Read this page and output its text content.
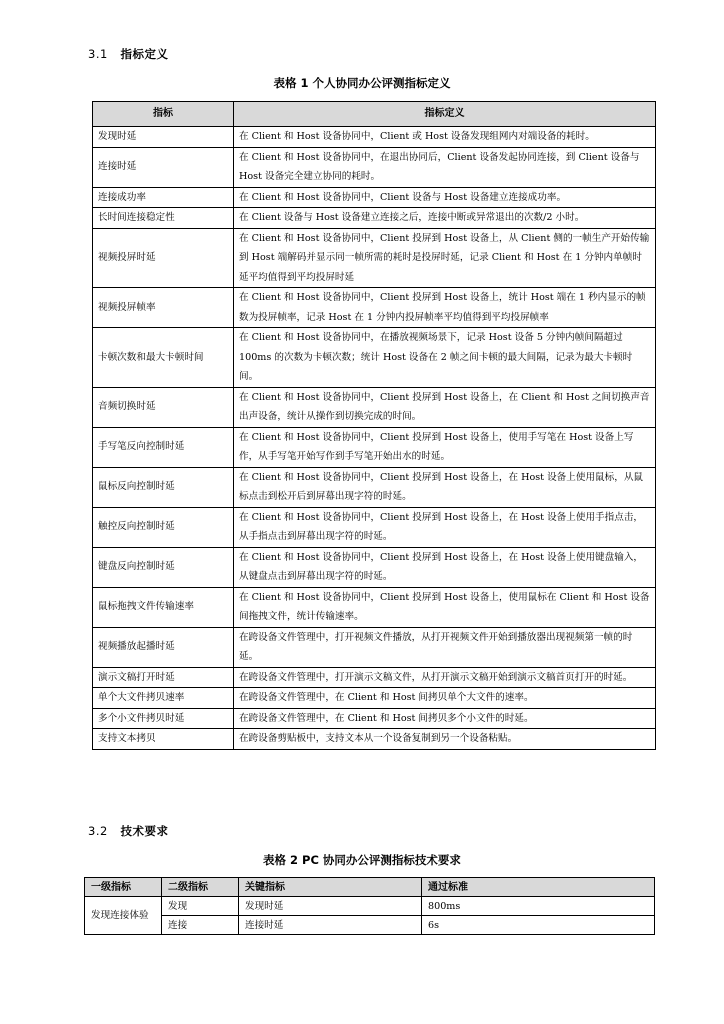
3.1 指标定义
表格 1 个人协同办公评测指标定义
指标	指标定义
发现时延	在 Client 和 Host 设备协同中，Client 或 Host 设备发现组网内对端设备的耗时。
连接时延	在 Client 和 Host 设备协同中，在退出协同后，Client 设备发起协同连接，到 Client 设备与 Host 设备完全建立协同的耗时。
连接成功率	在 Client 和 Host 设备协同中，Client 设备与 Host 设备建立连接成功率。
长时间连接稳定性	在 Client 设备与 Host 设备建立连接之后，连接中断或异常退出的次数/2 小时。
视频投屏时延	在 Client 和 Host 设备协同中，Client 投屏到 Host 设备上，从 Client 侧的一帧生产开始传输到 Host 端解码并显示同一帧所需的耗时是投屏时延，记录 Client 和 Host 在 1 分钟内单帧时延平均值得到平均投屏时延
视频投屏帧率	在 Client 和 Host 设备协同中，Client 投屏到 Host 设备上，统计 Host 端在 1 秒内显示的帧数为投屏帧率，记录 Host 在 1 分钟内投屏帧率平均值得到平均投屏帧率
卡顿次数和最大卡顿时间	在 Client 和 Host 设备协同中，在播放视频场景下，记录 Host 设备 5 分钟内帧间隔超过 100ms 的次数为卡顿次数；统计 Host 设备在 2 帧之间卡顿的最大间隔，记录为最大卡顿时间。
音频切换时延	在 Client 和 Host 设备协同中，Client 投屏到 Host 设备上，在 Client 和 Host 之间切换声音出声设备，统计从操作到切换完成的时间。
手写笔反向控制时延	在 Client 和 Host 设备协同中，Client 投屏到 Host 设备上，使用手写笔在 Host 设备上写作，从手写笔开始写作到手写笔开始出水的时延。
鼠标反向控制时延	在 Client 和 Host 设备协同中，Client 投屏到 Host 设备上，在 Host 设备上使用鼠标，从鼠标点击到松开后到屏幕出现字符的时延。
触控反向控制时延	在 Client 和 Host 设备协同中，Client 投屏到 Host 设备上，在 Host 设备上使用手指点击，从手指点击到屏幕出现字符的时延。
键盘反向控制时延	在 Client 和 Host 设备协同中，Client 投屏到 Host 设备上，在 Host 设备上使用键盘输入，从键盘点击到屏幕出现字符的时延。
鼠标拖拽文件传输速率	在 Client 和 Host 设备协同中，Client 投屏到 Host 设备上，使用鼠标在 Client 和 Host 设备间拖拽文件，统计传输速率。
视频播放起播时延	在跨设备文件管理中，打开视频文件播放，从打开视频文件开始到播放器出现视频第一帧的时延。
演示文稿打开时延	在跨设备文件管理中，打开演示文稿文件，从打开演示文稿开始到演示文稿首页打开的时延。
单个大文件拷贝速率	在跨设备文件管理中，在 Client 和 Host 间拷贝单个大文件的速率。
多个小文件拷贝时延	在跨设备文件管理中，在 Client 和 Host 间拷贝多个小文件的时延。
支持文本拷贝	在跨设备剪贴板中，支持文本从一个设备复制到另一个设备粘贴。
3.2 技术要求
表格 2 PC 协同办公评测指标技术要求
一级指标	二级指标	关键指标	通过标准
发现连接体验	发现	发现时延	800ms
	连接	连接时延	6s
